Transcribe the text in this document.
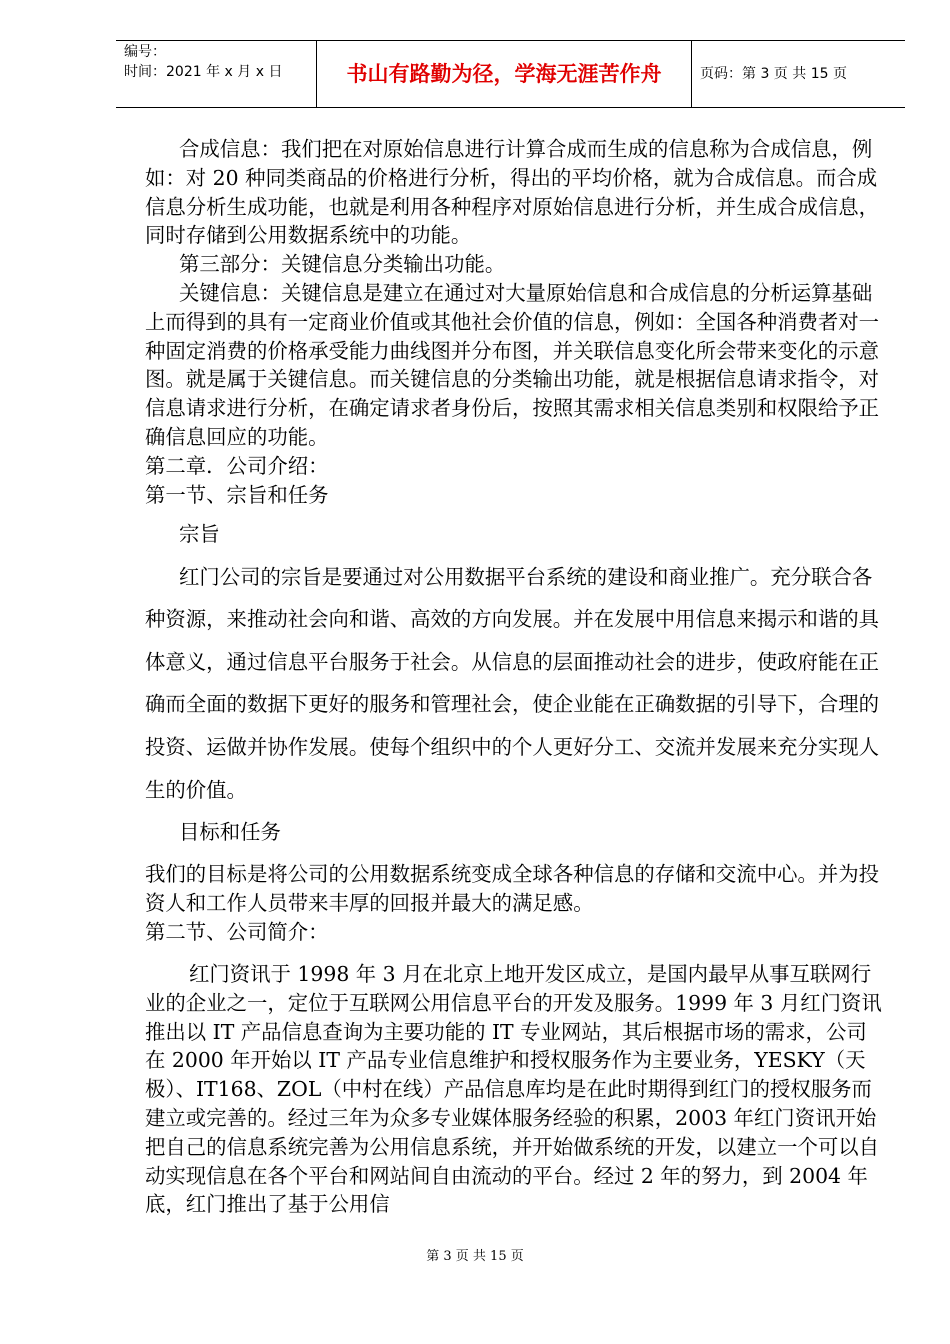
编号：
时间：2021 年 x 月 x 日	书山有路勤为径，学海无涯苦作舟	页码：第 3 页 共 15 页

合成信息：我们把在对原始信息进行计算合成而生成的信息称为合成信息，例如：对 20 种同类商品的价格进行分析，得出的平均价格，就为合成信息。而合成信息分析生成功能，也就是利用各种程序对原始信息进行分析，并生成合成信息，同时存储到公用数据系统中的功能。

第三部分：关键信息分类输出功能。

关键信息：关键信息是建立在通过对大量原始信息和合成信息的分析运算基础上而得到的具有一定商业价值或其他社会价值的信息，例如：全国各种消费者对一种固定消费的价格承受能力曲线图并分布图，并关联信息变化所会带来变化的示意图。就是属于关键信息。而关键信息的分类输出功能，就是根据信息请求指令，对信息请求进行分析，在确定请求者身份后，按照其需求相关信息类别和权限给予正确信息回应的功能。

第二章．公司介绍：

第一节、宗旨和任务

宗旨

红门公司的宗旨是要通过对公用数据平台系统的建设和商业推广。充分联合各种资源，来推动社会向和谐、高效的方向发展。并在发展中用信息来揭示和谐的具体意义，通过信息平台服务于社会。从信息的层面推动社会的进步，使政府能在正确而全面的数据下更好的服务和管理社会，使企业能在正确数据的引导下，合理的投资、运做并协作发展。使每个组织中的个人更好分工、交流并发展来充分实现人生的价值。

目标和任务

我们的目标是将公司的公用数据系统变成全球各种信息的存储和交流中心。并为投资人和工作人员带来丰厚的回报并最大的满足感。

第二节、公司简介：

红门资讯于 1998 年 3 月在北京上地开发区成立，是国内最早从事互联网行业的企业之一，定位于互联网公用信息平台的开发及服务。1999 年 3 月红门资讯推出以 IT 产品信息查询为主要功能的 IT 专业网站，其后根据市场的需求，公司在 2000 年开始以 IT 产品专业信息维护和授权服务作为主要业务，YESKY（天极）、IT168、ZOL（中村在线）产品信息库均是在此时期得到红门的授权服务而建立或完善的。经过三年为众多专业媒体服务经验的积累，2003 年红门资讯开始把自己的信息系统完善为公用信息系统，并开始做系统的开发，以建立一个可以自动实现信息在各个平台和网站间自由流动的平台。经过 2 年的努力，到 2004 年底，红门推出了基于公用信

第 3 页 共 15 页
